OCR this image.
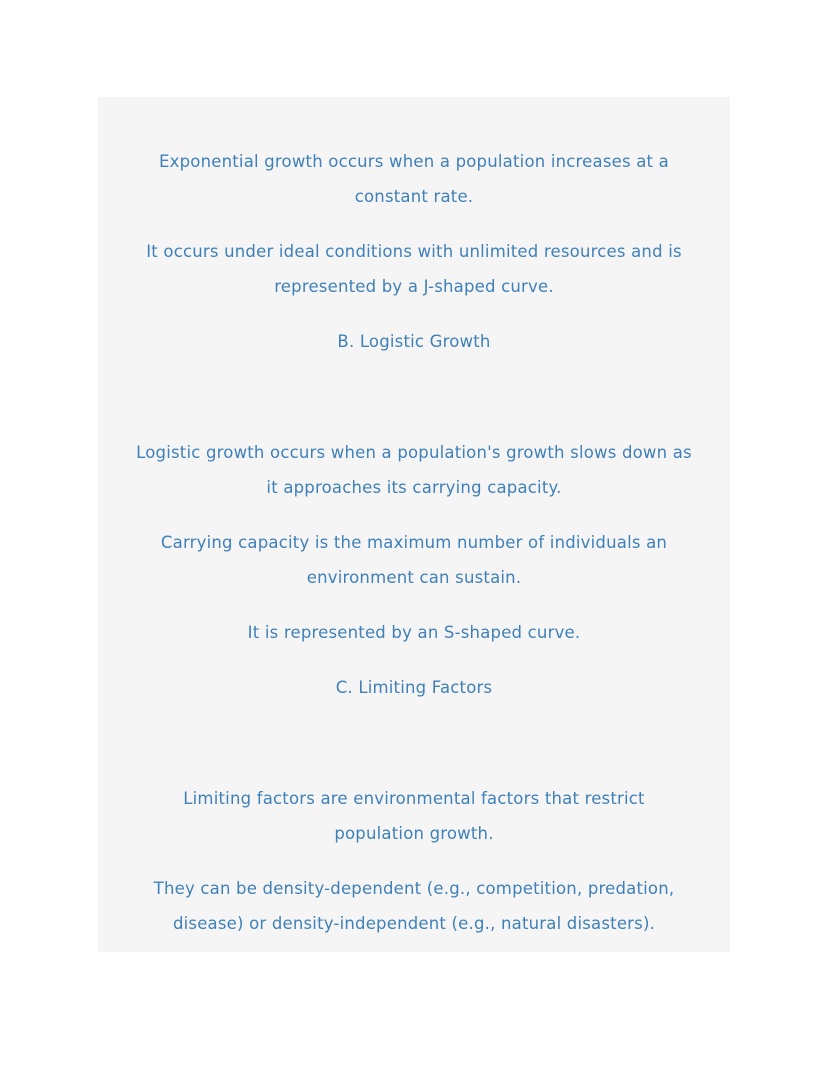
Exponential growth occurs when a population increases at a

constant rate.

It occurs under ideal conditions with unlimited resources and is

represented by a J-shaped curve.

B. Logistic Growth

Logistic growth occurs when a population's growth slows down as

it approaches its carrying capacity.

Carrying capacity is the maximum number of individuals an

environment can sustain.

It is represented by an S-shaped curve.

C. Limiting Factors

Limiting factors are environmental factors that restrict

population growth.

They can be density-dependent (e.g., competition, predation,

disease) or density-independent (e.g., natural disasters).
